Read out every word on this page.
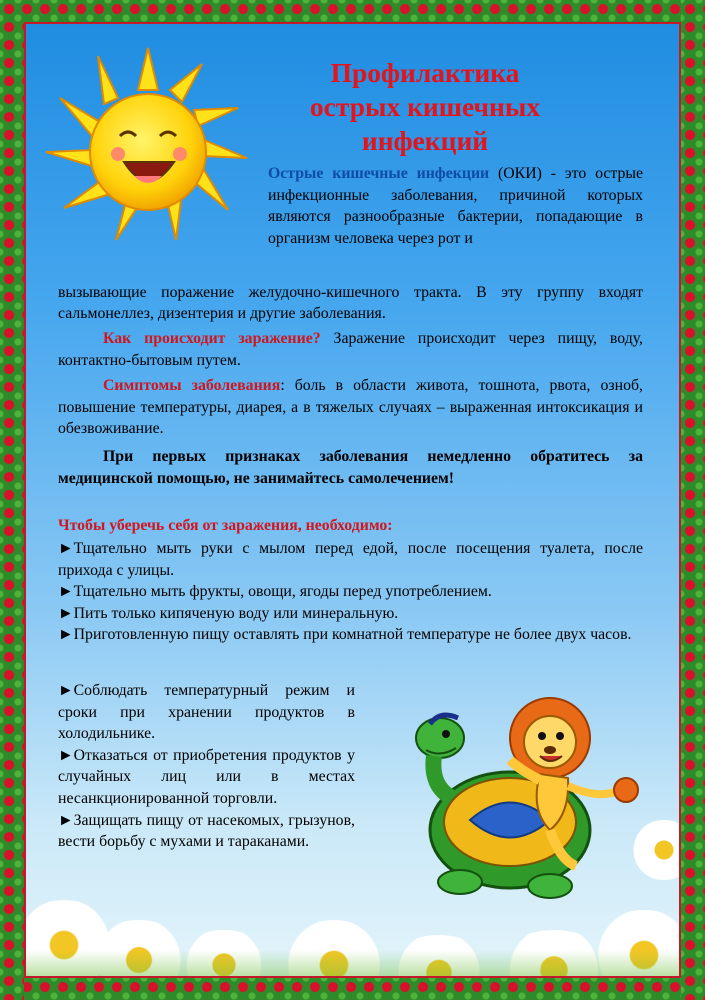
Профилактика
острых кишечных
инфекций
Острые кишечные инфекции (ОКИ) - это острые инфекционные заболевания, причиной которых являются разнообразные бактерии, попадающие в организм человека через рот и
вызывающие поражение желудочно-кишечного тракта. В эту группу входят сальмонеллез, дизентерия и другие заболевания.
Как происходит заражение? Заражение происходит через пищу, воду, контактно-бытовым путем.
Симптомы заболевания: боль в области живота, тошнота, рвота, озноб, повышение температуры, диарея, а в тяжелых случаях – выраженная интоксикация и обезвоживание.
При первых признаках заболевания немедленно обратитесь за медицинской помощью, не занимайтесь самолечением!
Чтобы уберечь себя от заражения, необходимо:
►Тщательно мыть руки с мылом перед едой, после посещения туалета, после прихода с улицы.
►Тщательно мыть фрукты, овощи, ягоды перед употреблением.
►Пить только кипяченую воду или минеральную.
►Приготовленную пищу оставлять при комнатной температуре не более двух часов.
►Соблюдать температурный режим и сроки при хранении продуктов в холодильнике.
►Отказаться от приобретения продуктов у случайных лиц или в местах несанкционированной торговли.
►Защищать пищу от насекомых, грызунов, вести борьбу с мухами и тараканами.
